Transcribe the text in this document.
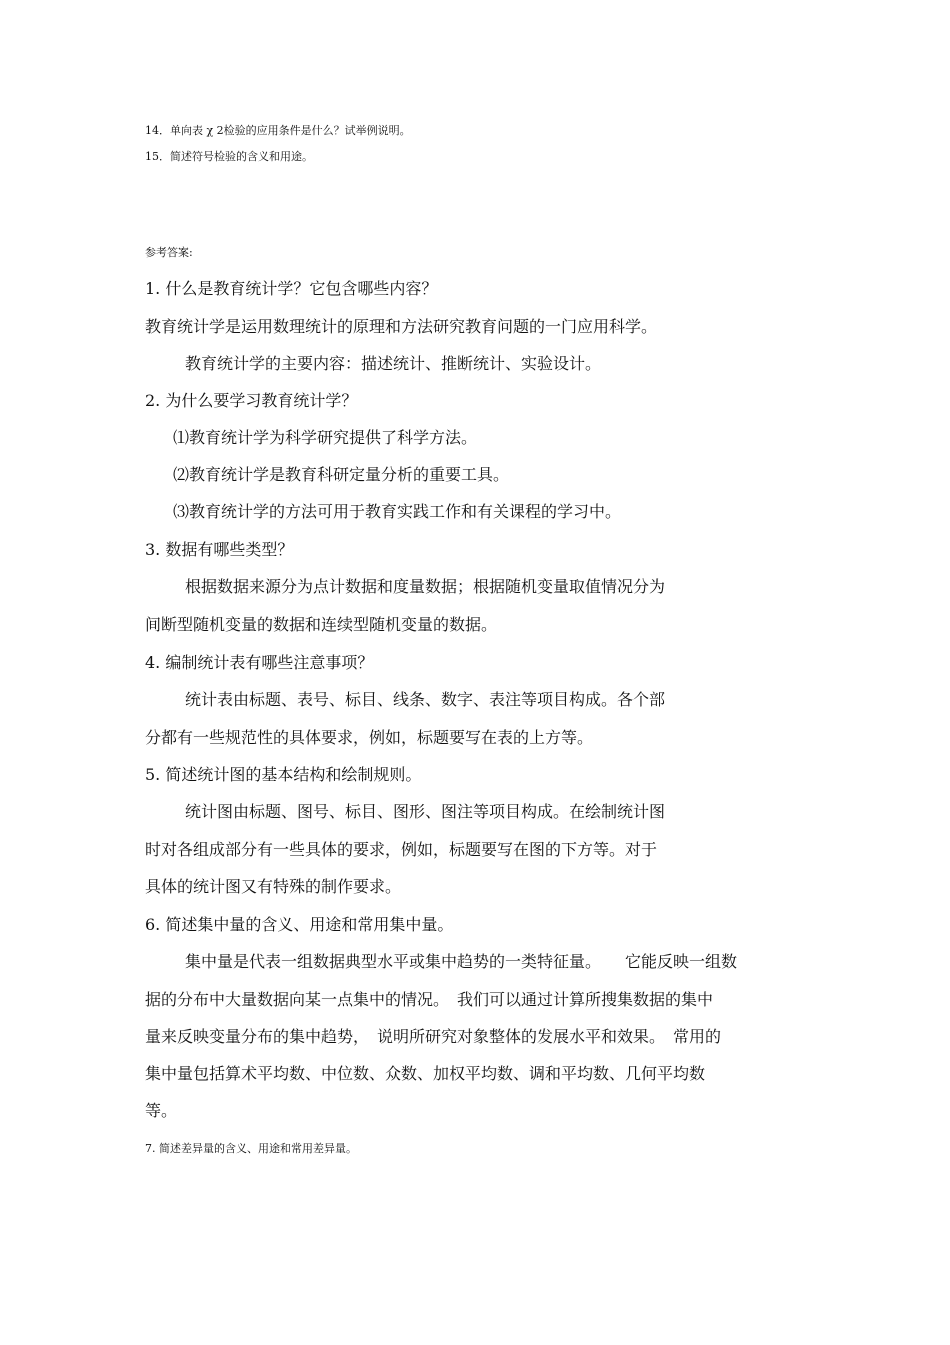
14．单向表 χ 2检验的应用条件是什么？试举例说明。
15．简述符号检验的含义和用途。
参考答案:
1. 什么是教育统计学？它包含哪些内容？
教育统计学是运用数理统计的原理和方法研究教育问题的一门应用科学。
教育统计学的主要内容：描述统计、推断统计、实验设计。
2. 为什么要学习教育统计学？
⑴教育统计学为科学研究提供了科学方法。
⑵教育统计学是教育科研定量分析的重要工具。
⑶教育统计学的方法可用于教育实践工作和有关课程的学习中。
3. 数据有哪些类型？
根据数据来源分为点计数据和度量数据；根据随机变量取值情况分为
间断型随机变量的数据和连续型随机变量的数据。
4. 编制统计表有哪些注意事项？
统计表由标题、表号、标目、线条、数字、表注等项目构成。各个部
分都有一些规范性的具体要求，例如，标题要写在表的上方等。
5. 简述统计图的基本结构和绘制规则。
统计图由标题、图号、标目、图形、图注等项目构成。在绘制统计图
时对各组成部分有一些具体的要求，例如，标题要写在图的下方等。对于
具体的统计图又有特殊的制作要求。
6. 简述集中量的含义、用途和常用集中量。
集中量是代表一组数据典型水平或集中趋势的一类特征量。　　它能反映一组数
据的分布中大量数据向某一点集中的情况。　我们可以通过计算所搜集数据的集中
量来反映变量分布的集中趋势，　说明所研究对象整体的发展水平和效果。　常用的
集中量包括算术平均数、中位数、众数、加权平均数、调和平均数、几何平均数
等。
7. 简述差异量的含义、用途和常用差异量。
